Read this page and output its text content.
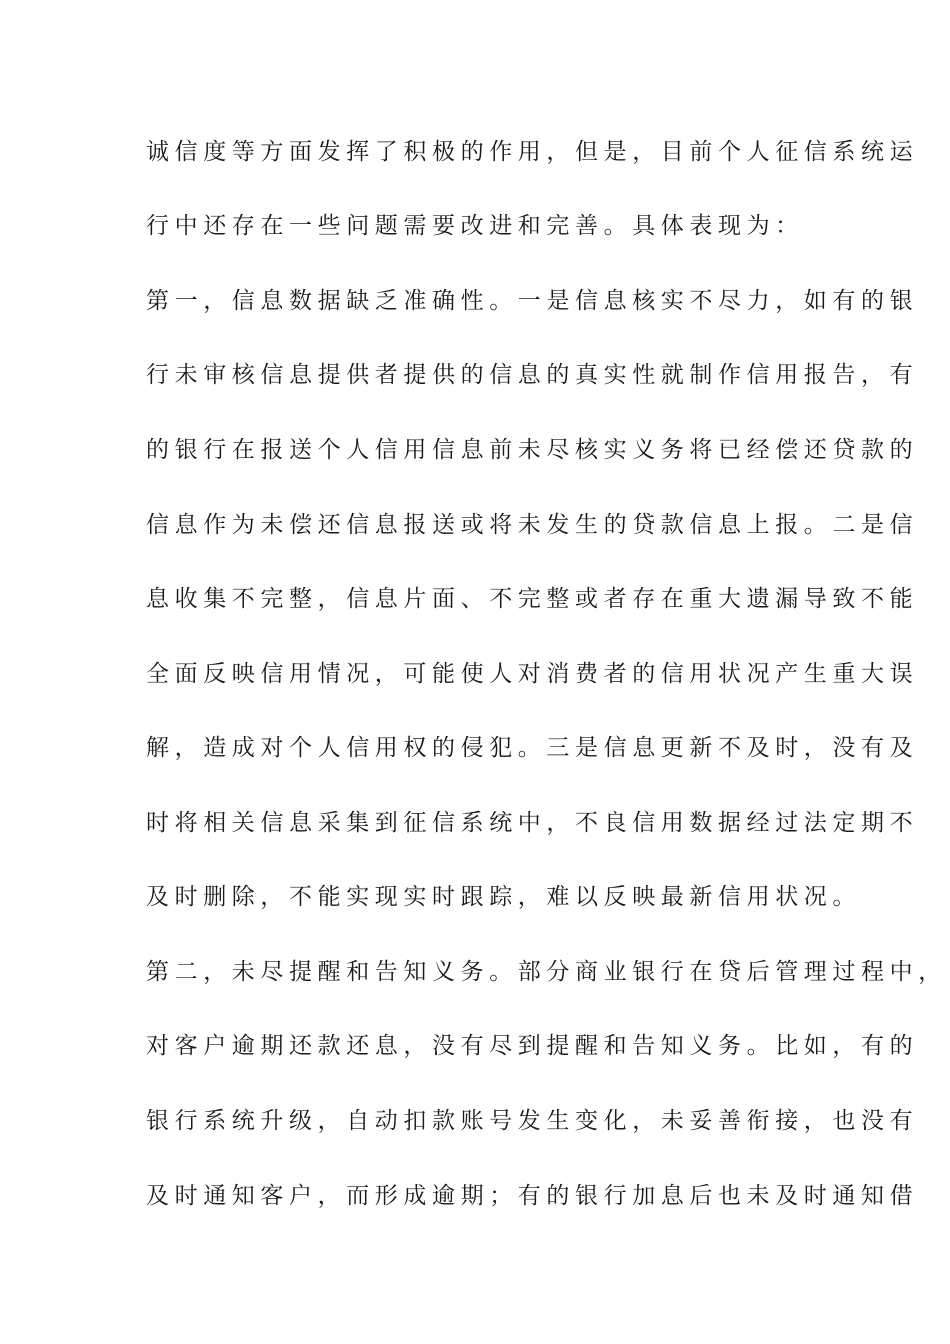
诚信度等方面发挥了积极的作用，但是，目前个人征信系统运
行中还存在一些问题需要改进和完善。具体表现为：
第一，信息数据缺乏准确性。一是信息核实不尽力，如有的银
行未审核信息提供者提供的信息的真实性就制作信用报告，有
的银行在报送个人信用信息前未尽核实义务将已经偿还贷款的
信息作为未偿还信息报送或将未发生的贷款信息上报。二是信
息收集不完整，信息片面、不完整或者存在重大遗漏导致不能
全面反映信用情况，可能使人对消费者的信用状况产生重大误
解，造成对个人信用权的侵犯。三是信息更新不及时，没有及
时将相关信息采集到征信系统中，不良信用数据经过法定期不
及时删除，不能实现实时跟踪，难以反映最新信用状况。
第二，未尽提醒和告知义务。部分商业银行在贷后管理过程中，
对客户逾期还款还息，没有尽到提醒和告知义务。比如，有的
银行系统升级，自动扣款账号发生变化，未妥善衔接，也没有
及时通知客户，而形成逾期；有的银行加息后也未及时通知借
